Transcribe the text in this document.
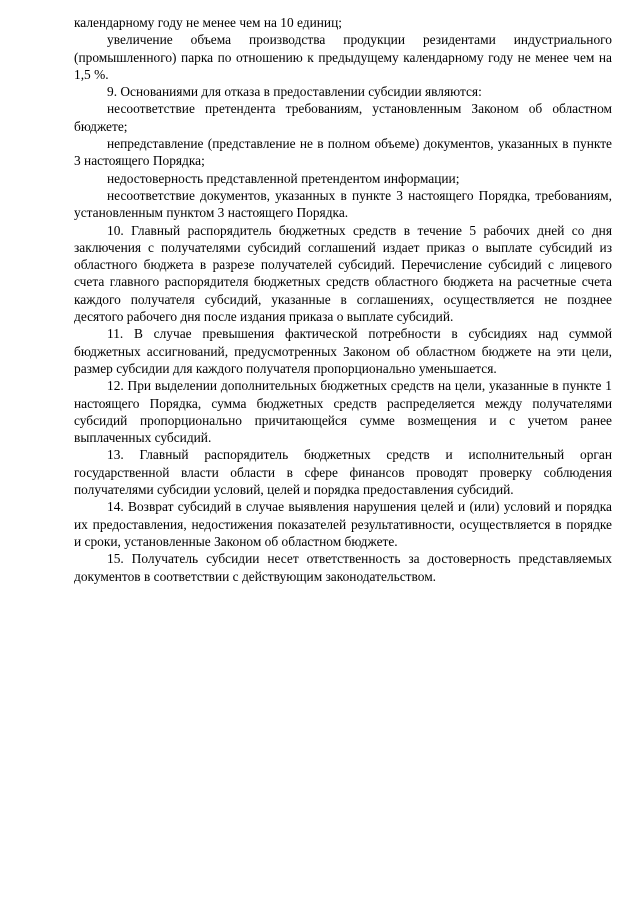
календарному году не менее чем на 10 единиц;

увеличение объема производства продукции резидентами индустриального (промышленного) парка по отношению к предыдущему календарному году не менее чем на 1,5 %.

9. Основаниями для отказа в предоставлении субсидии являются:

несоответствие претендента требованиям, установленным Законом об областном бюджете;

непредставление (представление не в полном объеме) документов, указанных в пункте 3 настоящего Порядка;

недостоверность представленной претендентом информации;

несоответствие документов, указанных в пункте 3 настоящего Порядка, требованиям, установленным пунктом 3 настоящего Порядка.

10. Главный распорядитель бюджетных средств в течение 5 рабочих дней со дня заключения с получателями субсидий соглашений издает приказ о выплате субсидий из областного бюджета в разрезе получателей субсидий. Перечисление субсидий с лицевого счета главного распорядителя бюджетных средств областного бюджета на расчетные счета каждого получателя субсидий, указанные в соглашениях, осуществляется не позднее десятого рабочего дня после издания приказа о выплате субсидий.

11. В случае превышения фактической потребности в субсидиях над суммой бюджетных ассигнований, предусмотренных Законом об областном бюджете на эти цели, размер субсидии для каждого получателя пропорционально уменьшается.

12. При выделении дополнительных бюджетных средств на цели, указанные в пункте 1 настоящего Порядка, сумма бюджетных средств распределяется между получателями субсидий пропорционально причитающейся сумме возмещения и с учетом ранее выплаченных субсидий.

13. Главный распорядитель бюджетных средств и исполнительный орган государственной власти области в сфере финансов проводят проверку соблюдения получателями субсидии условий, целей и порядка предоставления субсидий.

14. Возврат субсидий в случае выявления нарушения целей и (или) условий и порядка их предоставления, недостижения показателей результативности, осуществляется в порядке и сроки, установленные Законом об областном бюджете.

15. Получатель субсидии несет ответственность за достоверность представляемых документов в соответствии с действующим законодательством.
